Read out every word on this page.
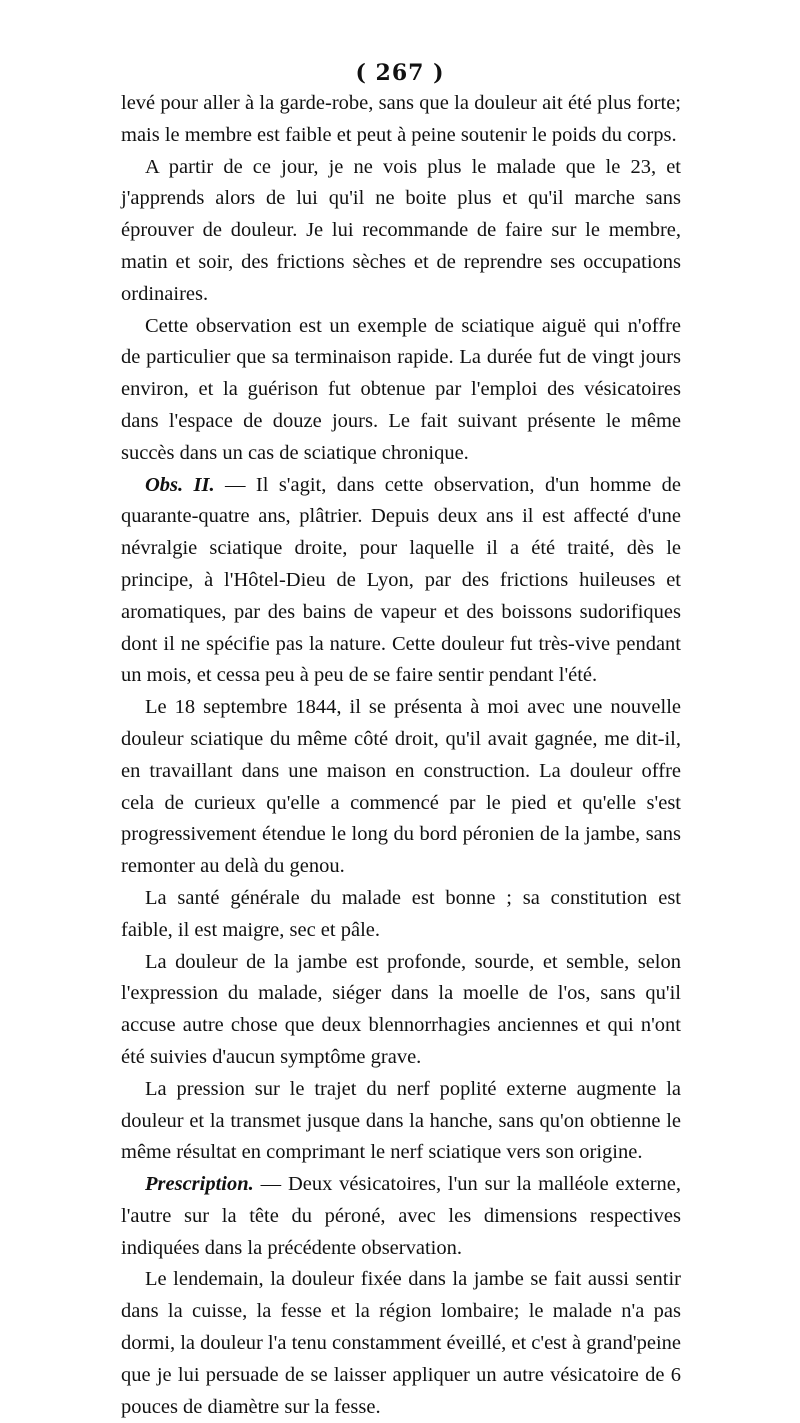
( 267 )

levé pour aller à la garde-robe, sans que la douleur ait été plus forte; mais le membre est faible et peut à peine soutenir le poids du corps.

A partir de ce jour, je ne vois plus le malade que le 23, et j'apprends alors de lui qu'il ne boite plus et qu'il marche sans éprouver de douleur. Je lui recommande de faire sur le membre, matin et soir, des frictions sèches et de reprendre ses occupations ordinaires.

Cette observation est un exemple de sciatique aiguë qui n'offre de particulier que sa terminaison rapide. La durée fut de vingt jours environ, et la guérison fut obtenue par l'emploi des vésicatoires dans l'espace de douze jours. Le fait suivant présente le même succès dans un cas de sciatique chronique.

Obs. II. — Il s'agit, dans cette observation, d'un homme de quarante-quatre ans, plâtrier. Depuis deux ans il est affecté d'une névralgie sciatique droite, pour laquelle il a été traité, dès le principe, à l'Hôtel-Dieu de Lyon, par des frictions huileuses et aromatiques, par des bains de vapeur et des boissons sudorifiques dont il ne spécifie pas la nature. Cette douleur fut très-vive pendant un mois, et cessa peu à peu de se faire sentir pendant l'été.

Le 18 septembre 1844, il se présenta à moi avec une nouvelle douleur sciatique du même côté droit, qu'il avait gagnée, me dit-il, en travaillant dans une maison en construction. La douleur offre cela de curieux qu'elle a commencé par le pied et qu'elle s'est progressivement étendue le long du bord péronien de la jambe, sans remonter au delà du genou.

La santé générale du malade est bonne ; sa constitution est faible, il est maigre, sec et pâle.

La douleur de la jambe est profonde, sourde, et semble, selon l'expression du malade, siéger dans la moelle de l'os, sans qu'il accuse autre chose que deux blennorrhagies anciennes et qui n'ont été suivies d'aucun symptôme grave.

La pression sur le trajet du nerf poplité externe augmente la douleur et la transmet jusque dans la hanche, sans qu'on obtienne le même résultat en comprimant le nerf sciatique vers son origine.

Prescription. — Deux vésicatoires, l'un sur la malléole externe, l'autre sur la tête du péroné, avec les dimensions respectives indiquées dans la précédente observation.

Le lendemain, la douleur fixée dans la jambe se fait aussi sentir dans la cuisse, la fesse et la région lombaire; le malade n'a pas dormi, la douleur l'a tenu constamment éveillé, et c'est à grand'peine que je lui persuade de se laisser appliquer un autre vésicatoire de 6 pouces de diamètre sur la fesse.
